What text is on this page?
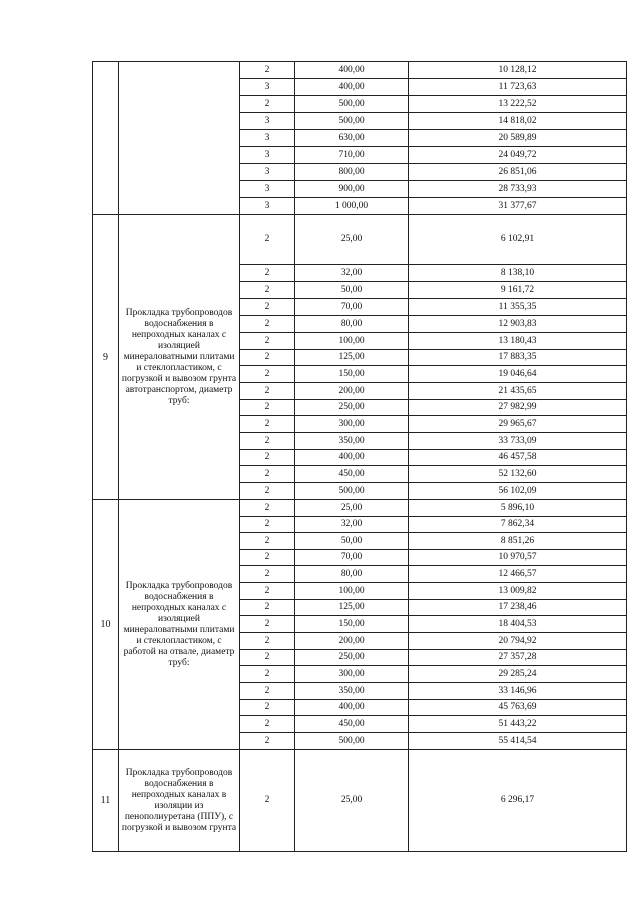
		2	400,00	10 128,12
		3	400,00	11 723,63
		2	500,00	13 222,52
		3	500,00	14 818,02
		3	630,00	20 589,89
		3	710,00	24 049,72
		3	800,00	26 851,06
		3	900,00	28 733,93
		3	1 000,00	31 377,67
9	Прокладка трубопроводов водоснабжения в непроходных каналах с изоляцией минераловатными плитами и стеклопластиком, с погрузкой и вывозом грунта автотранспортом, диаметр труб:	2	25,00	6 102,91
		2	32,00	8 138,10
		2	50,00	9 161,72
		2	70,00	11 355,35
		2	80,00	12 903,83
		2	100,00	13 180,43
		2	125,00	17 883,35
		2	150,00	19 046,64
		2	200,00	21 435,65
		2	250,00	27 982,99
		2	300,00	29 965,67
		2	350,00	33 733,09
		2	400,00	46 457,58
		2	450,00	52 132,60
		2	500,00	56 102,09
10	Прокладка трубопроводов водоснабжения в непроходных каналах с изоляцией минераловатными плитами и стеклопластиком, с работой на отвале, диаметр труб:	2	25,00	5 896,10
		2	32,00	7 862,34
		2	50,00	8 851,26
		2	70,00	10 970,57
		2	80,00	12 466,57
		2	100,00	13 009,82
		2	125,00	17 238,46
		2	150,00	18 404,53
		2	200,00	20 794,92
		2	250,00	27 357,28
		2	300,00	29 285,24
		2	350,00	33 146,96
		2	400,00	45 763,69
		2	450,00	51 443,22
		2	500,00	55 414,54
11	Прокладка трубопроводов водоснабжения в непроходных каналах в изоляции из пенополиуретана (ППУ), с погрузкой и вывозом грунта	2	25,00	6 296,17
